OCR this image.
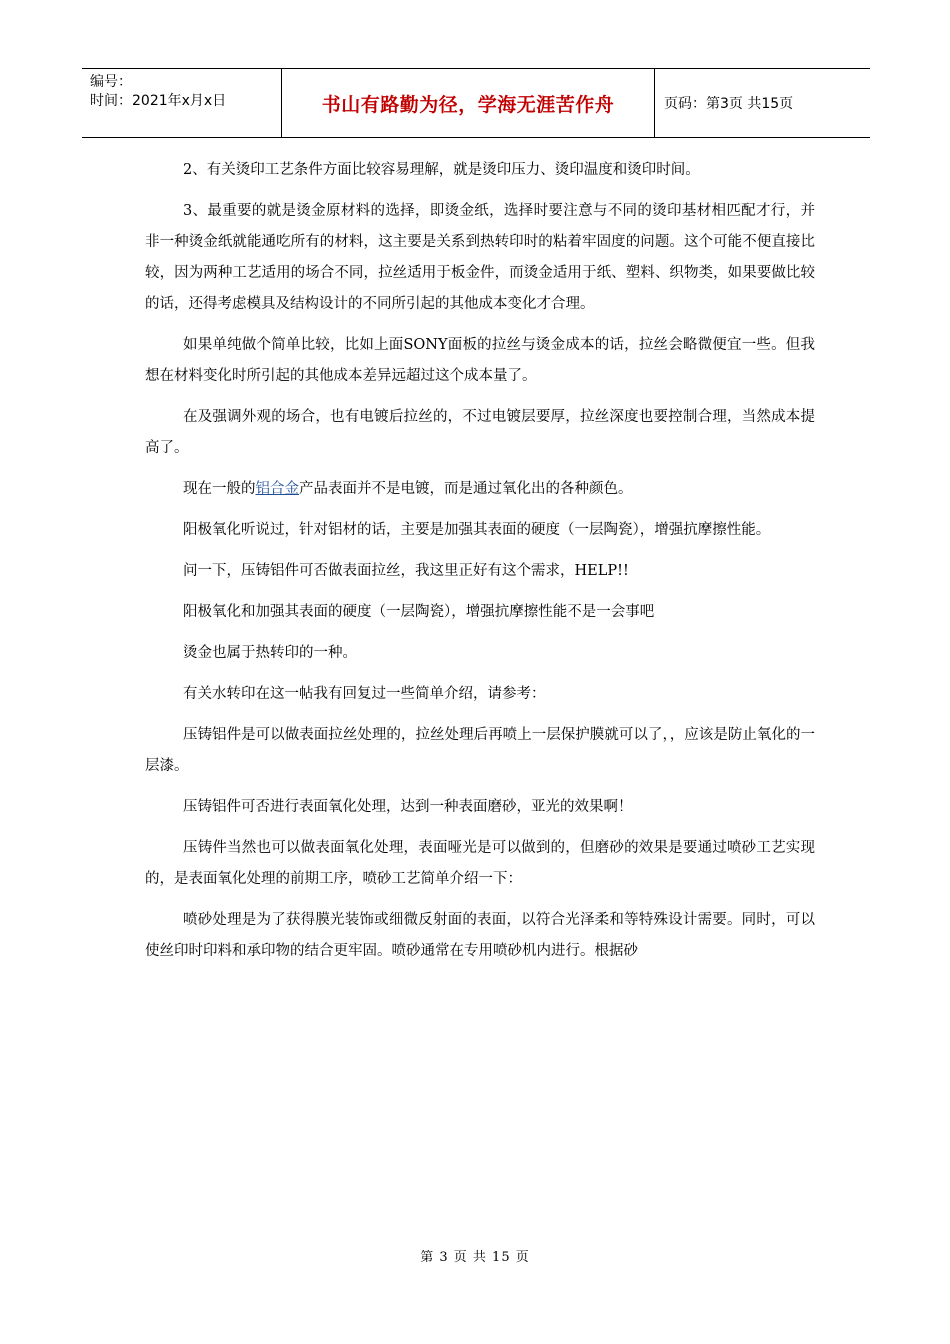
编号：
时间：2021年x月x日	书山有路勤为径，学海无涯苦作舟	页码：第3页 共15页

2、有关烫印工艺条件方面比较容易理解，就是烫印压力、烫印温度和烫印时间。

3、最重要的就是烫金原材料的选择，即烫金纸，选择时要注意与不同的烫印基材相匹配才行，并非一种烫金纸就能通吃所有的材料，这主要是关系到热转印时的粘着牢固度的问题。这个可能不便直接比较，因为两种工艺适用的场合不同，拉丝适用于板金件，而烫金适用于纸、塑料、织物类，如果要做比较的话，还得考虑模具及结构设计的不同所引起的其他成本变化才合理。

如果单纯做个简单比较，比如上面SONY面板的拉丝与烫金成本的话，拉丝会略微便宜一些。但我想在材料变化时所引起的其他成本差异远超过这个成本量了。

在及强调外观的场合，也有电镀后拉丝的，不过电镀层要厚，拉丝深度也要控制合理，当然成本提高了。

现在一般的铝合金产品表面并不是电镀，而是通过氧化出的各种颜色。

阳极氧化听说过，针对铝材的话，主要是加强其表面的硬度（一层陶瓷），增强抗摩擦性能。

问一下，压铸铝件可否做表面拉丝，我这里正好有这个需求，HELP!!

阳极氧化和加强其表面的硬度（一层陶瓷），增强抗摩擦性能不是一会事吧

烫金也属于热转印的一种。

有关水转印在这一帖我有回复过一些简单介绍，请参考：

压铸铝件是可以做表面拉丝处理的，拉丝处理后再喷上一层保护膜就可以了，，应该是防止氧化的一层漆。

压铸铝件可否进行表面氧化处理，达到一种表面磨砂，亚光的效果啊！

压铸件当然也可以做表面氧化处理，表面哑光是可以做到的，但磨砂的效果是要通过喷砂工艺实现的，是表面氧化处理的前期工序，喷砂工艺简单介绍一下：

喷砂处理是为了获得膜光装饰或细微反射面的表面，以符合光泽柔和等特殊设计需要。同时，可以使丝印时印料和承印物的结合更牢固。喷砂通常在专用喷砂机内进行。根据砂

第 3 页 共 15 页
